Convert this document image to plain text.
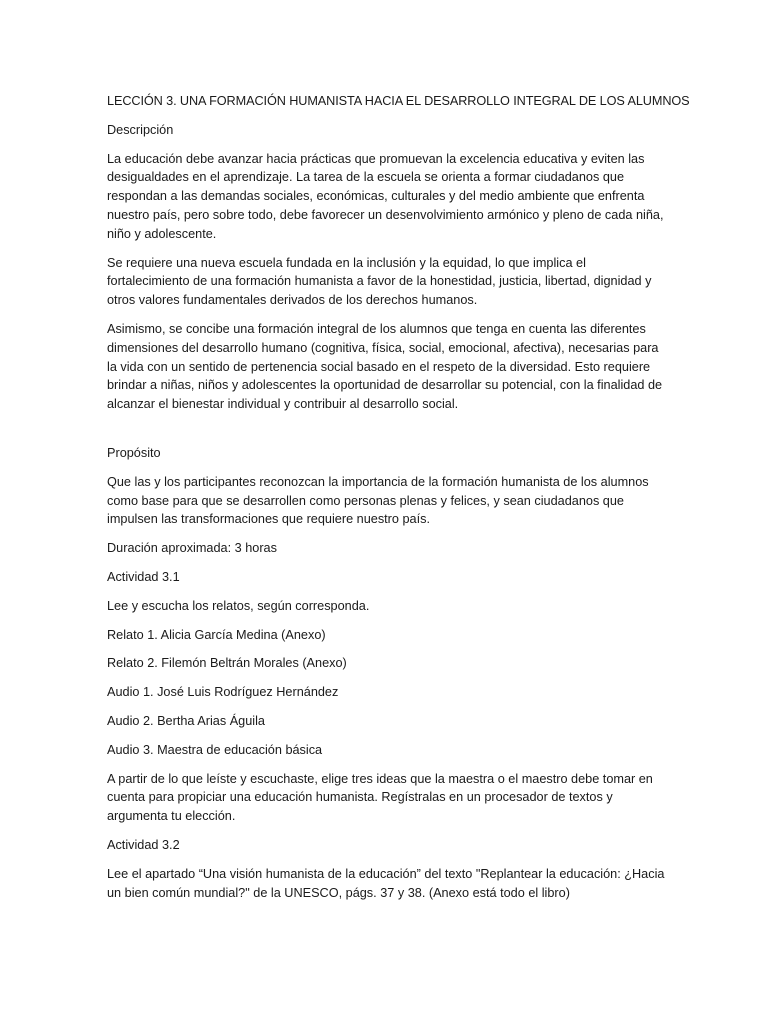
LECCIÓN 3. UNA FORMACIÓN HUMANISTA HACIA EL DESARROLLO INTEGRAL DE LOS ALUMNOS

Descripción

La educación debe avanzar hacia prácticas que promuevan la excelencia educativa y eviten las desigualdades en el aprendizaje. La tarea de la escuela se orienta a formar ciudadanos que respondan a las demandas sociales, económicas, culturales y del medio ambiente que enfrenta nuestro país, pero sobre todo, debe favorecer un desenvolvimiento armónico y pleno de cada niña, niño y adolescente.

Se requiere una nueva escuela fundada en la inclusión y la equidad, lo que implica el fortalecimiento de una formación humanista a favor de la honestidad, justicia, libertad, dignidad y otros valores fundamentales derivados de los derechos humanos.

Asimismo, se concibe una formación integral de los alumnos que tenga en cuenta las diferentes dimensiones del desarrollo humano (cognitiva, física, social, emocional, afectiva), necesarias para la vida con un sentido de pertenencia social basado en el respeto de la diversidad. Esto requiere brindar a niñas, niños y adolescentes la oportunidad de desarrollar su potencial, con la finalidad de alcanzar el bienestar individual y contribuir al desarrollo social.

Propósito

Que las y los participantes reconozcan la importancia de la formación humanista de los alumnos como base para que se desarrollen como personas plenas y felices, y sean ciudadanos que impulsen las transformaciones que requiere nuestro país.

Duración aproximada: 3 horas

Actividad 3.1

Lee y escucha los relatos, según corresponda.

Relato 1. Alicia García Medina (Anexo)

Relato 2. Filemón Beltrán Morales (Anexo)

Audio 1. José Luis Rodríguez Hernández

Audio 2. Bertha Arias Águila

Audio 3. Maestra de educación básica

A partir de lo que leíste y escuchaste, elige tres ideas que la maestra o el maestro debe tomar en cuenta para propiciar una educación humanista. Regístralas en un procesador de textos y argumenta tu elección.

Actividad 3.2

Lee el apartado “Una visión humanista de la educación” del texto "Replantear la educación: ¿Hacia un bien común mundial?" de la UNESCO, págs. 37 y 38. (Anexo está todo el libro)
